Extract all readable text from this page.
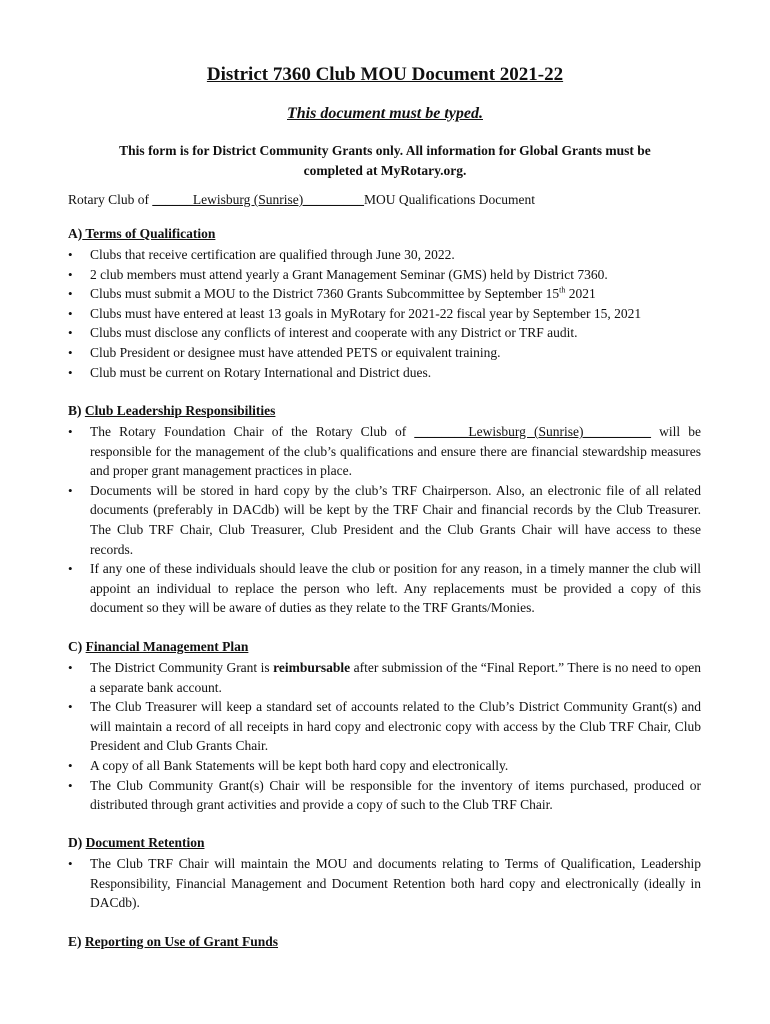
District 7360 Club MOU Document 2021-22
This document must be typed.
This form is for District Community Grants only. All information for Global Grants must be completed at MyRotary.org.
Rotary Club of ______Lewisburg (Sunrise)_________MOU Qualifications Document
A) Terms of Qualification
• Clubs that receive certification are qualified through June 30, 2022.
• 2 club members must attend yearly a Grant Management Seminar (GMS) held by District 7360.
• Clubs must submit a MOU to the District 7360 Grants Subcommittee by September 15th 2021
• Clubs must have entered at least 13 goals in MyRotary for 2021-22 fiscal year by September 15, 2021
• Clubs must disclose any conflicts of interest and cooperate with any District or TRF audit.
• Club President or designee must have attended PETS or equivalent training.
• Club must be current on Rotary International and District dues.
B) Club Leadership Responsibilities
• The Rotary Foundation Chair of the Rotary Club of ________Lewisburg (Sunrise)__________ will be responsible for the management of the club’s qualifications and ensure there are financial stewardship measures and proper grant management practices in place.
• Documents will be stored in hard copy by the club’s TRF Chairperson. Also, an electronic file of all related documents (preferably in DACdb) will be kept by the TRF Chair and financial records by the Club Treasurer. The Club TRF Chair, Club Treasurer, Club President and the Club Grants Chair will have access to these records.
• If any one of these individuals should leave the club or position for any reason, in a timely manner the club will appoint an individual to replace the person who left. Any replacements must be provided a copy of this document so they will be aware of duties as they relate to the TRF Grants/Monies.
C) Financial Management Plan
• The District Community Grant is reimbursable after submission of the “Final Report.” There is no need to open a separate bank account.
• The Club Treasurer will keep a standard set of accounts related to the Club’s District Community Grant(s) and will maintain a record of all receipts in hard copy and electronic copy with access by the Club TRF Chair, Club President and Club Grants Chair.
• A copy of all Bank Statements will be kept both hard copy and electronically.
• The Club Community Grant(s) Chair will be responsible for the inventory of items purchased, produced or distributed through grant activities and provide a copy of such to the Club TRF Chair.
D) Document Retention
• The Club TRF Chair will maintain the MOU and documents relating to Terms of Qualification, Leadership Responsibility, Financial Management and Document Retention both hard copy and electronically (ideally in DACdb).
E) Reporting on Use of Grant Funds
